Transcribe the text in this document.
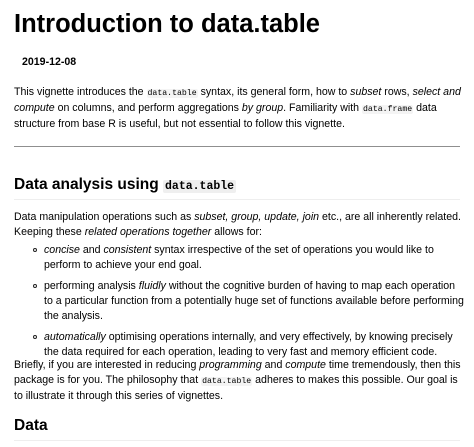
Introduction to data.table
2019-12-08

This vignette introduces the data.table syntax, its general form, how to subset rows, select and compute on columns, and perform aggregations by group. Familiarity with data.frame data structure from base R is useful, but not essential to follow this vignette.

Data analysis using data.table

Data manipulation operations such as subset, group, update, join etc., are all inherently related. Keeping these related operations together allows for:

concise and consistent syntax irrespective of the set of operations you would like to perform to achieve your end goal.
performing analysis fluidly without the cognitive burden of having to map each operation to a particular function from a potentially huge set of functions available before performing the analysis.
automatically optimising operations internally, and very effectively, by knowing precisely the data required for each operation, leading to very fast and memory efficient code.

Briefly, if you are interested in reducing programming and compute time tremendously, then this package is for you. The philosophy that data.table adheres to makes this possible. Our goal is to illustrate it through this series of vignettes.

Data
